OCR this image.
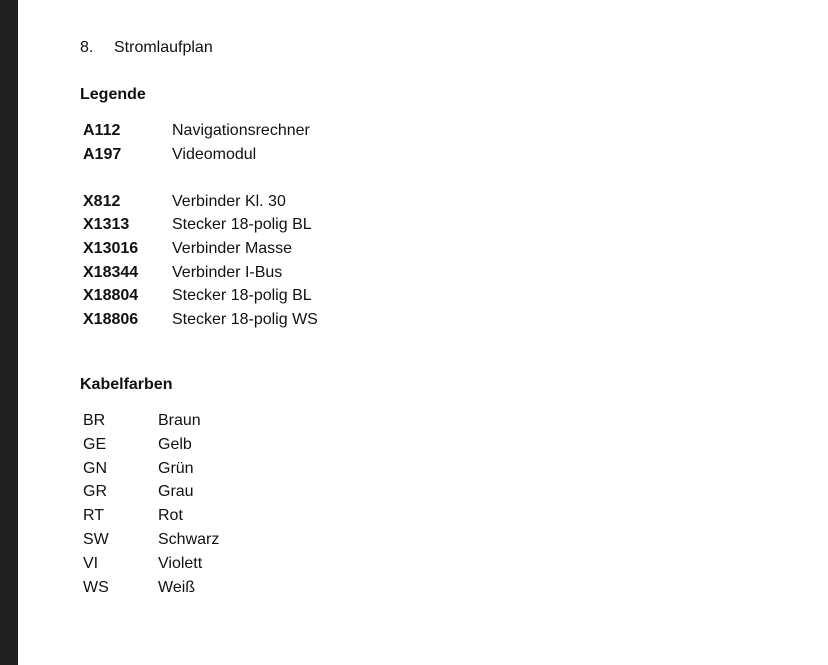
8. Stromlaufplan
Legende
A112	Navigationsrechner
A197	Videomodul
X812	Verbinder Kl. 30
X1313	Stecker 18-polig BL
X13016 Verbinder Masse
X18344 Verbinder I-Bus
X18804 Stecker 18-polig BL
X18806 Stecker 18-polig WS
Kabelfarben
BR	Braun
GE	Gelb
GN	Grün
GR	Grau
RT	Rot
SW	Schwarz
VI	Violett
WS	Weiß
